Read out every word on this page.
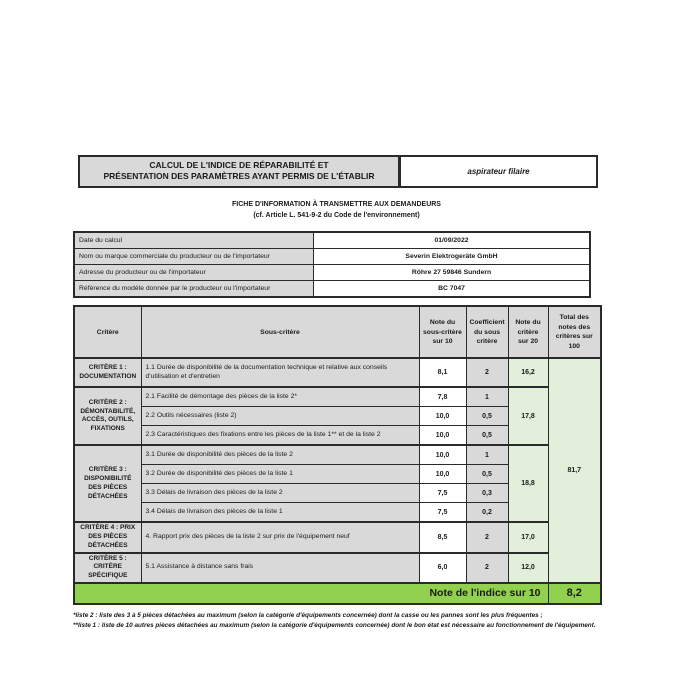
CALCUL DE L'INDICE DE RÉPARABILITÉ ET
PRÉSENTATION DES PARAMÈTRES AYANT PERMIS DE L'ÉTABLIR	aspirateur filaire
FICHE D'INFORMATION À TRANSMETTRE AUX DEMANDEURS
(cf. Article L. 541-9-2 du Code de l'environnement)
Date du calcul	01/09/2022
Nom ou marque commerciale du producteur ou de l'importateur	Severin Elektrogeräte GmbH
Adresse du producteur ou de l'importateur	Röhre 27 59846 Sundern
Référence du modèle donnée par le producteur ou l'importateur	BC 7047
Critère	Sous-critère	Note du sous-critère sur 10	Coefficient du sous critère	Note du critère sur 20	Total des notes des critères sur 100
CRITÈRE 1 : DOCUMENTATION	1.1 Durée de disponibilité de la documentation technique et relative aux conseils d'utilisation et d'entretien	8,1	2	16,2	81,7
CRITÈRE 2 : DÉMONTABILITÉ, ACCÈS, OUTILS, FIXATIONS	2.1 Facilité de démontage des pièces de la liste 2*	7,8	1	17,8	
	2.2 Outils nécessaires (liste 2)	10,0	0,5		
	2.3 Caractéristiques des fixations entre les pièces de la liste 1** et de la liste 2	10,0	0,5		
CRITÈRE 3 : DISPONIBILITÉ DES PIÈCES DÉTACHÉES	3.1 Durée de disponibilité des pièces de la liste 2	10,0	1	18,8	
	3.2 Durée de disponibilité des pièces de la liste 1	10,0	0,5		
	3.3 Délais de livraison des pièces de la liste 2	7,5	0,3		
	3.4 Délais de livraison des pièces de la liste 1	7,5	0,2		
CRITÈRE 4 : PRIX DES PIÈCES DÉTACHÉES	4. Rapport prix des pièces de la liste 2 sur prix de l'équipement neuf	8,5	2	17,0	
CRITÈRE 5 : CRITÈRE SPÉCIFIQUE	5.1 Assistance à distance sans frais	6,0	2	12,0	
Note de l'indice sur 10					8,2
*liste 2 : liste des 3 à 5 pièces détachées au maximum (selon la catégorie d'équipements concernée) dont la casse ou les pannes sont les plus fréquentes ;
**liste 1 : liste de 10 autres pièces détachées au maximum (selon la catégorie d'équipements concernée) dont le bon état est nécessaire au fonctionnement de l'équipement.
